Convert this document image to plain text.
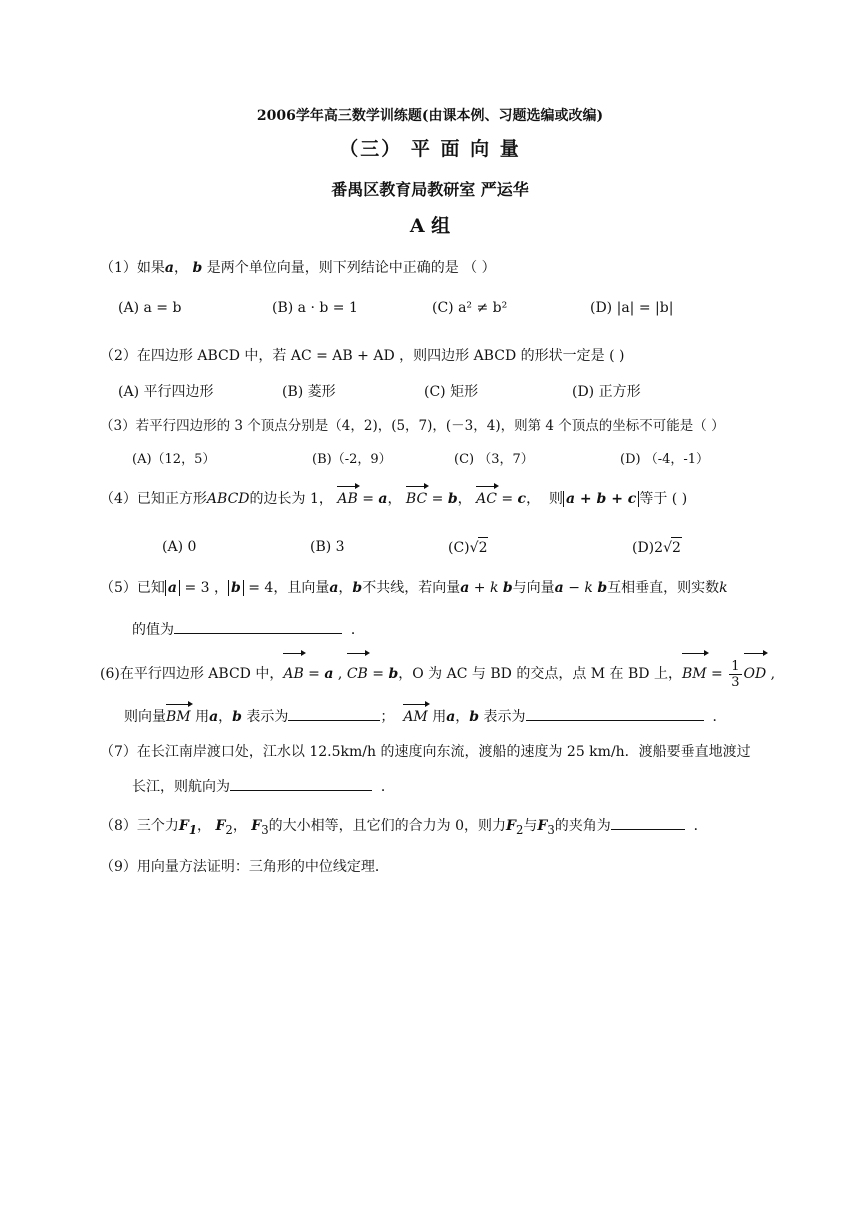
2006学年高三数学训练题(由课本例、习题选编或改编)
（三） 平 面 向 量
番禺区教育局教研室 严运华
A 组
（1）如果a， b 是两个单位向量，则下列结论中正确的是 （ ）
(A) a = b	(B) a · b = 1	(C) a² ≠ b²	(D) |a| = |b|
（2）在四边形 ABCD 中，若 AC = AB + AD ，则四边形 ABCD 的形状一定是 ( )
(A) 平行四边形	(B) 菱形	(C) 矩形	(D) 正方形
（3）若平行四边形的 3 个顶点分别是（4，2)，(5，7)，(－3，4)，则第 4 个顶点的坐标不可能是（ ）
(A)（12，5）	(B)（-2，9）	(C) （3，7）	(D) （-4，-1）
（4）已知正方形ABCD的边长为 1， AB = a， BC = b， AC = c，  则 a + b + c 等于 ( )
(A) 0	(B) 3	(C)√2	(D)2√2
（5）已知 a = 3 ， b = 4，且向量a，b不共线，若向量a + k b与向量a − k b互相垂直，则实数k
的值为	．
(6)在平行四边形 ABCD 中，AB = a , CB = b，O 为 AC 与 BD 的交点，点 M 在 BD 上，BM = $\frac{1}{3}$ OD ,
则向量BM 用a，b 表示为	； AM 用a，b 表示为	．
（7）在长江南岸渡口处，江水以 12.5km/h 的速度向东流，渡船的速度为 25 km/h．渡船要垂直地渡过
长江，则航向为	．
（8）三个力$F_1$， $F_2$， $F_3$的大小相等，且它们的合力为 0，则力$F_2$与$F_3$的夹角为	．
（9）用向量方法证明：三角形的中位线定理．
